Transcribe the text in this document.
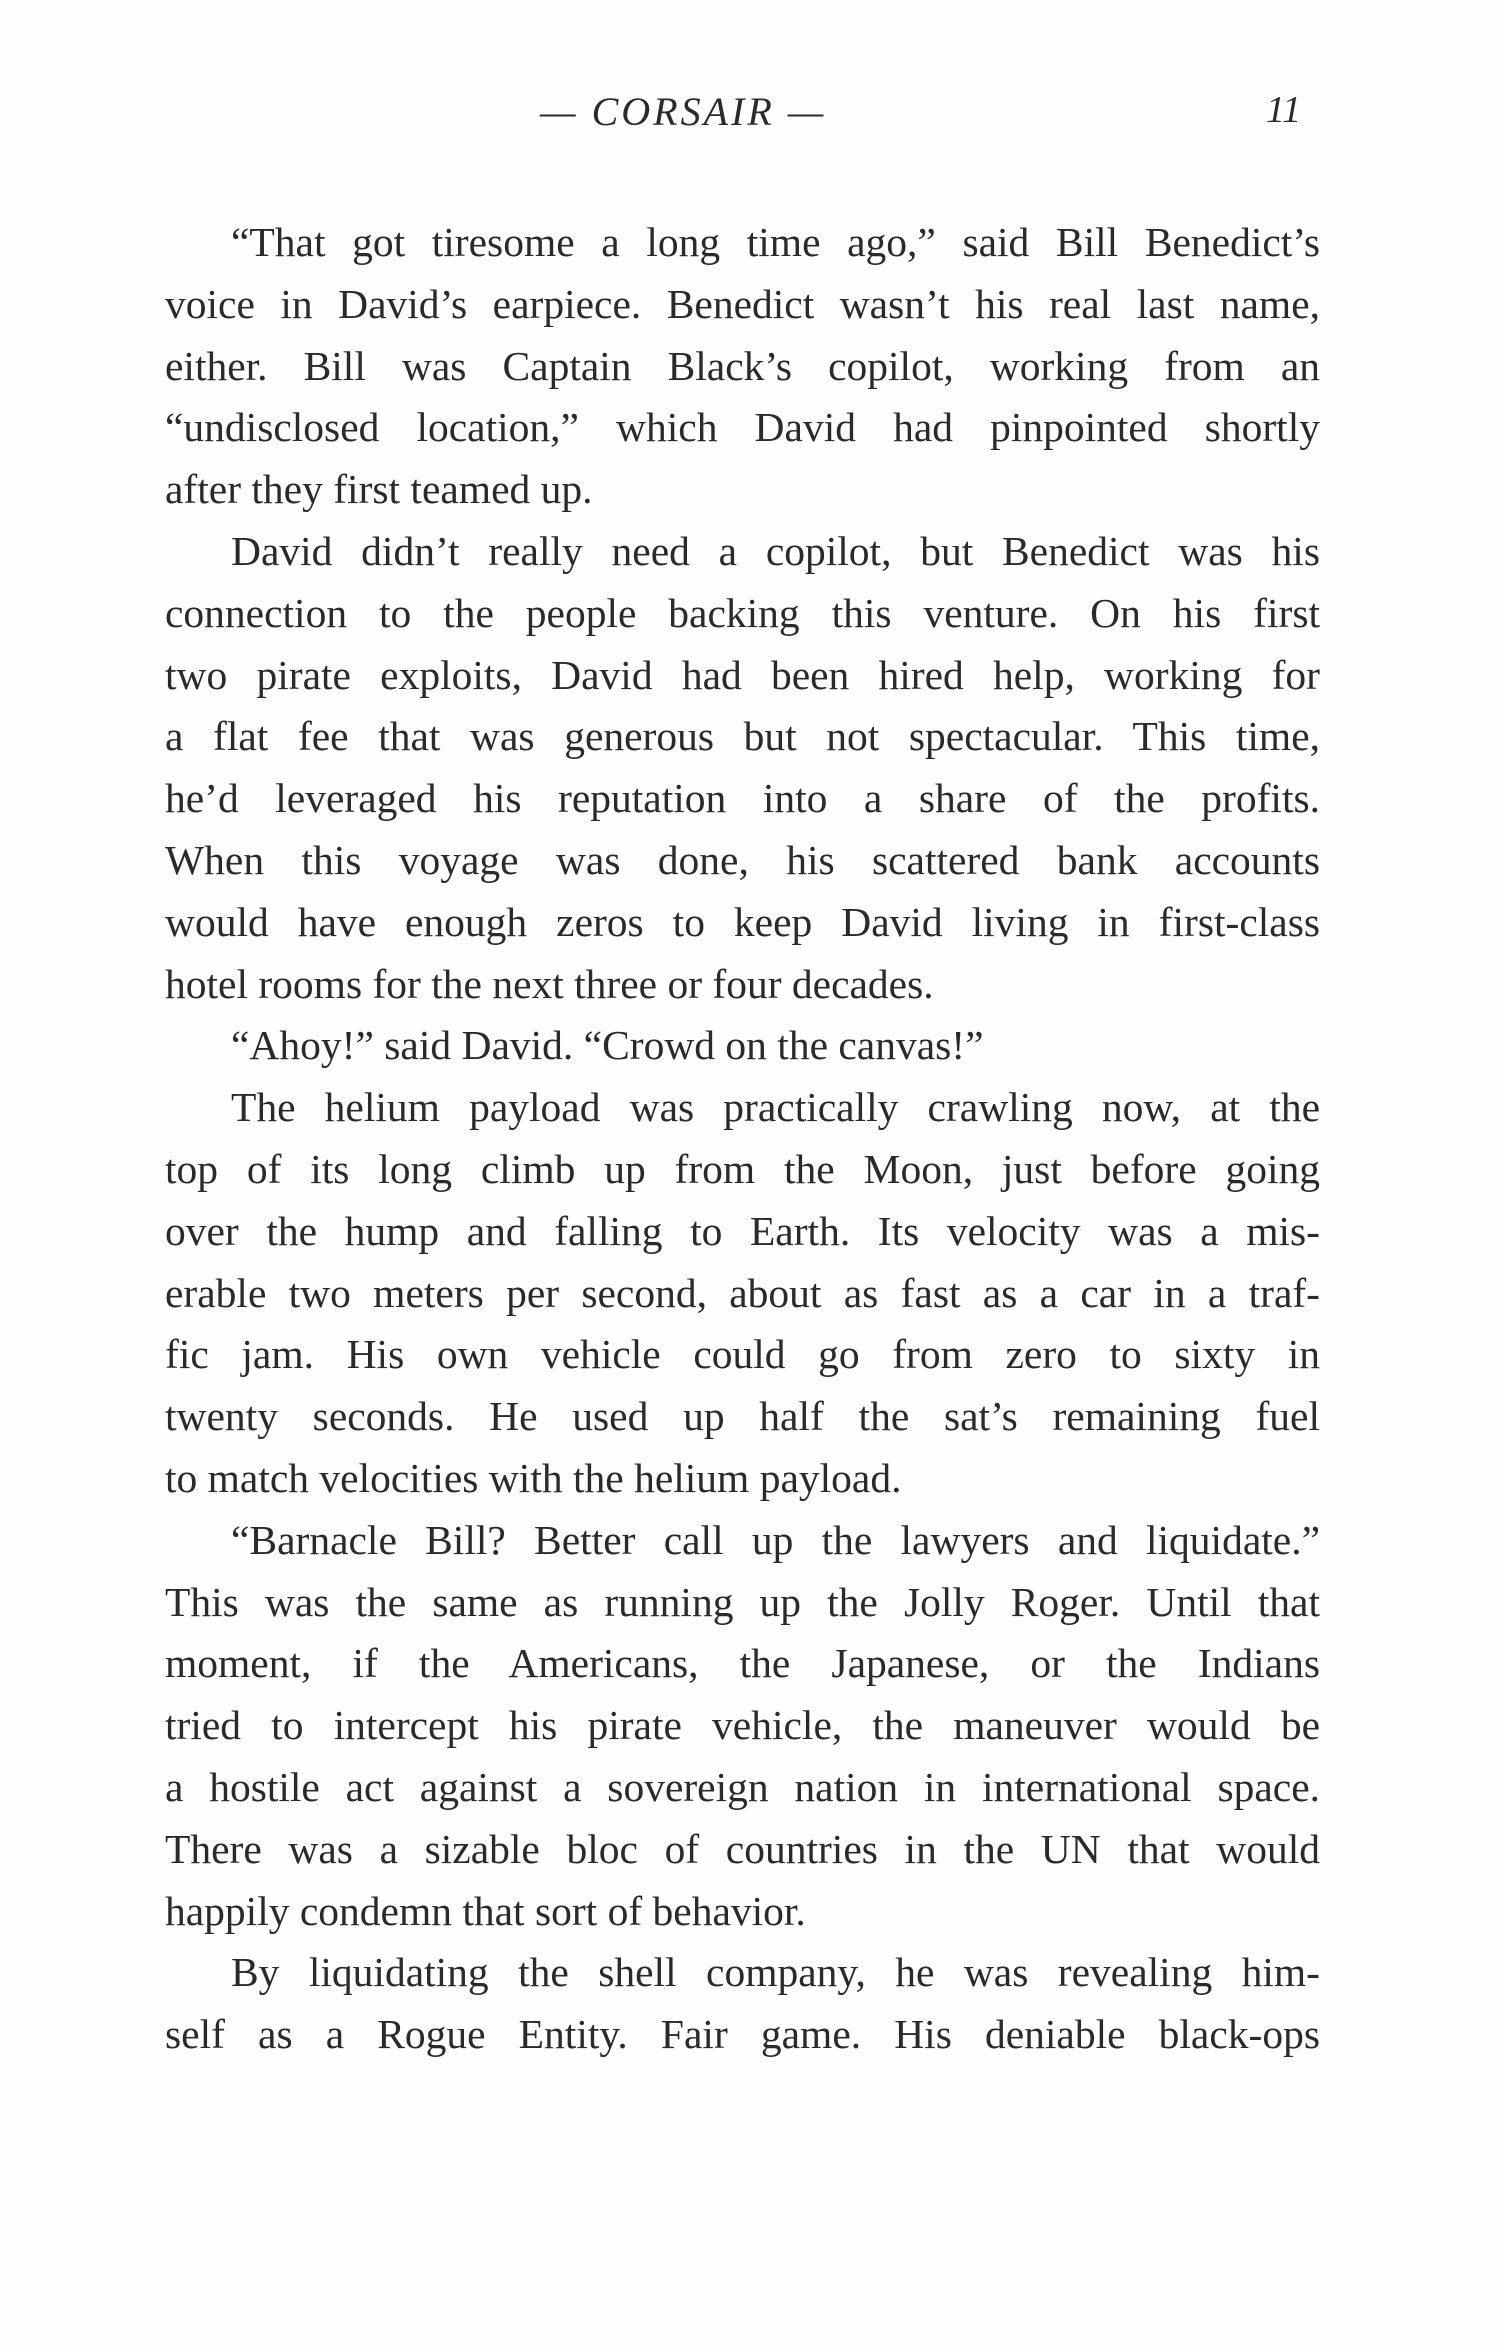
— CORSAIR —	11
“That got tiresome a long time ago,” said Bill Benedict’s
voice in David’s earpiece. Benedict wasn’t his real last name,
either. Bill was Captain Black’s copilot, working from an
“undisclosed location,” which David had pinpointed shortly
after they first teamed up.
David didn’t really need a copilot, but Benedict was his
connection to the people backing this venture. On his first
two pirate exploits, David had been hired help, working for
a flat fee that was generous but not spectacular. This time,
he’d leveraged his reputation into a share of the profits.
When this voyage was done, his scattered bank accounts
would have enough zeros to keep David living in first-class
hotel rooms for the next three or four decades.
“Ahoy!” said David. “Crowd on the canvas!”
The helium payload was practically crawling now, at the
top of its long climb up from the Moon, just before going
over the hump and falling to Earth. Its velocity was a mis-
erable two meters per second, about as fast as a car in a traf-
fic jam. His own vehicle could go from zero to sixty in
twenty seconds. He used up half the sat’s remaining fuel
to match velocities with the helium payload.
“Barnacle Bill? Better call up the lawyers and liquidate.”
This was the same as running up the Jolly Roger. Until that
moment, if the Americans, the Japanese, or the Indians
tried to intercept his pirate vehicle, the maneuver would be
a hostile act against a sovereign nation in international space.
There was a sizable bloc of countries in the UN that would
happily condemn that sort of behavior.
By liquidating the shell company, he was revealing him-
self as a Rogue Entity. Fair game. His deniable black-ops
